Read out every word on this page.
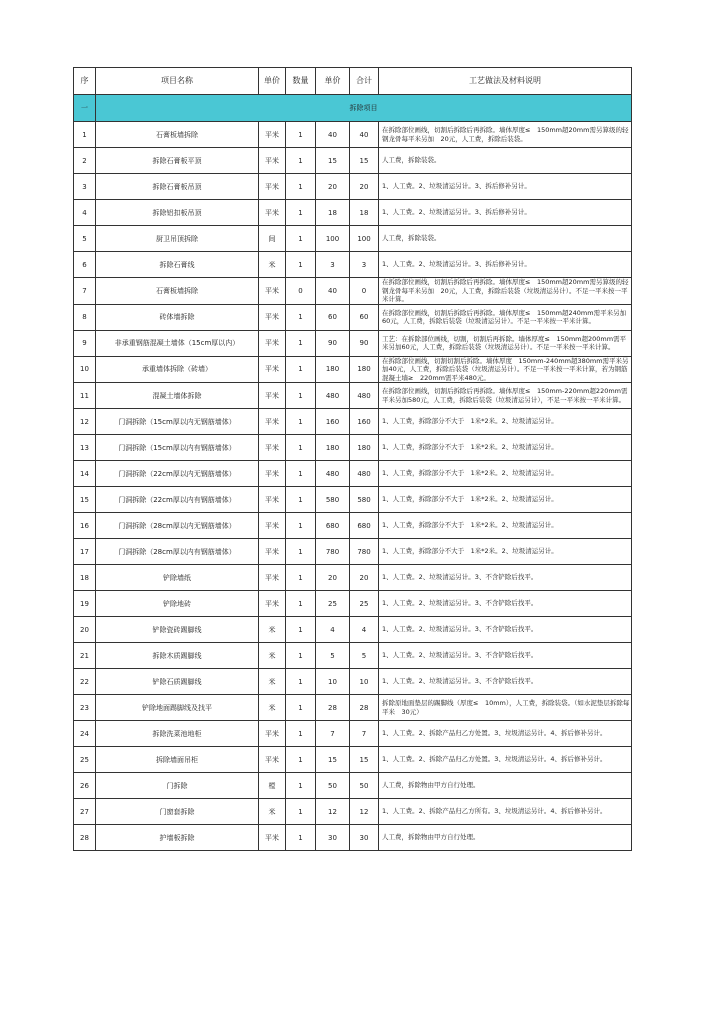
序	项目名称	单价	数量	单价	合计	工艺做法及材料说明
一	拆除项目					
1	石膏板墙拆除	平米	1	40	40	在拆除部位画线，切割后拆除后再拆除。墙体厚度≤　150mm超20mm需另算级的轻钢龙骨每平米另加　20元，人工费，拆除后装袋。
2	拆除石膏板平顶	平米	1	15	15	人工费，拆除装袋。
3	拆除石膏板吊顶	平米	1	20	20	1、人工费。2、垃圾清运另计。3、拆后修补另计。
4	拆除铝扣板吊顶	平米	1	18	18	1、人工费。2、垃圾清运另计。3、拆后修补另计。
5	厨卫吊顶拆除	间	1	100	100	人工费，拆除装袋。
6	拆除石膏线	米	1	3	3	1、人工费。2、垃圾清运另计。3、拆后修补另计。
7	石膏板墙拆除	平米	0	40	0	在拆除部位画线，切割后拆除后再拆除。墙体厚度≤　150mm超20mm需另算级的轻钢龙骨每平米另加　20元，人工费，拆除后装袋（垃圾清运另计）。不足一平米按一平米计算。
8	砖体墙拆除	平米	1	60	60	在拆除部位画线，切割后拆除后再拆除。墙体厚度≤　150mm超240mm需平米另加60元，人工费，拆除后装袋（垃圾清运另计）。不足一平米按一平米计算。
9	非承重钢筋混凝土墙体（15cm厚以内）	平米	1	90	90	工艺：在拆除部位画线，切割，切割后再拆除。墙体厚度≤　150mm超200mm需平米另加60元，人工费，拆除后装袋（垃圾清运另计）。不足一平米按一平米计算。
10	承重墙体拆除（砖墙）	平米	1	180	180	在拆除部位画线，切割切割后拆除。墙体厚度　150mm-240mm超380mm需平米另加40元，人工费，拆除后装袋（垃圾清运另计）。不足一平米按一平米计算，若为钢筋混凝土墙≥　220mm需平米480元。
11	混凝土墙体拆除	平米	1	480	480	在拆除部位画线，切割后拆除后再拆除。墙体厚度≤　150mm-220mm超220mm需平米另加580元，人工费，拆除后装袋（垃圾清运另计），不足一平米按一平米计算。
12	门洞拆除（15cm厚以内无钢筋墙体）	平米	1	160	160	1、人工费，拆除部分不大于　1米*2米。2、垃圾清运另计。
13	门洞拆除（15cm厚以内有钢筋墙体）	平米	1	180	180	1、人工费，拆除部分不大于　1米*2米。2、垃圾清运另计。
14	门洞拆除（22cm厚以内无钢筋墙体）	平米	1	480	480	1、人工费，拆除部分不大于　1米*2米。2、垃圾清运另计。
15	门洞拆除（22cm厚以内有钢筋墙体）	平米	1	580	580	1、人工费，拆除部分不大于　1米*2米。2、垃圾清运另计。
16	门洞拆除（28cm厚以内无钢筋墙体）	平米	1	680	680	1、人工费，拆除部分不大于　1米*2米。2、垃圾清运另计。
17	门洞拆除（28cm厚以内有钢筋墙体）	平米	1	780	780	1、人工费，拆除部分不大于　1米*2米。2、垃圾清运另计。
18	铲除墙纸	平米	1	20	20	1、人工费。2、垃圾清运另计。3、不含铲除后找平。
19	铲除地砖	平米	1	25	25	1、人工费。2、垃圾清运另计。3、不含铲除后找平。
20	铲除瓷砖踢脚线	米	1	4	4	1、人工费。2、垃圾清运另计。3、不含铲除后找平。
21	拆除木质踢脚线	米	1	5	5	1、人工费。2、垃圾清运另计。3、不含铲除后找平。
22	铲除石质踢脚线	米	1	10	10	1、人工费。2、垃圾清运另计。3、不含铲除后找平。
23	铲除地面踢脚线及找平	米	1	28	28	拆除原地面垫层的踢脚线（厚度≤　10mm），人工费，拆除装袋。（如水泥垫层拆除每平米　30元）
24	拆除洗菜池地柜	平米	1	7	7	1、人工费。2、拆除产品归乙方处置。3、垃圾清运另计。4、拆后修补另计。
25	拆除墙面吊柜	平米	1	15	15	1、人工费。2、拆除产品归乙方处置。3、垃圾清运另计。4、拆后修补另计。
26	门拆除	樘	1	50	50	人工费，拆除物由甲方自行处理。
27	门窗套拆除	米	1	12	12	1、人工费。2、拆除产品归乙方所有。3、垃圾清运另计。4、拆后修补另计。
28	护墙板拆除	平米	1	30	30	人工费，拆除物由甲方自行处理。
